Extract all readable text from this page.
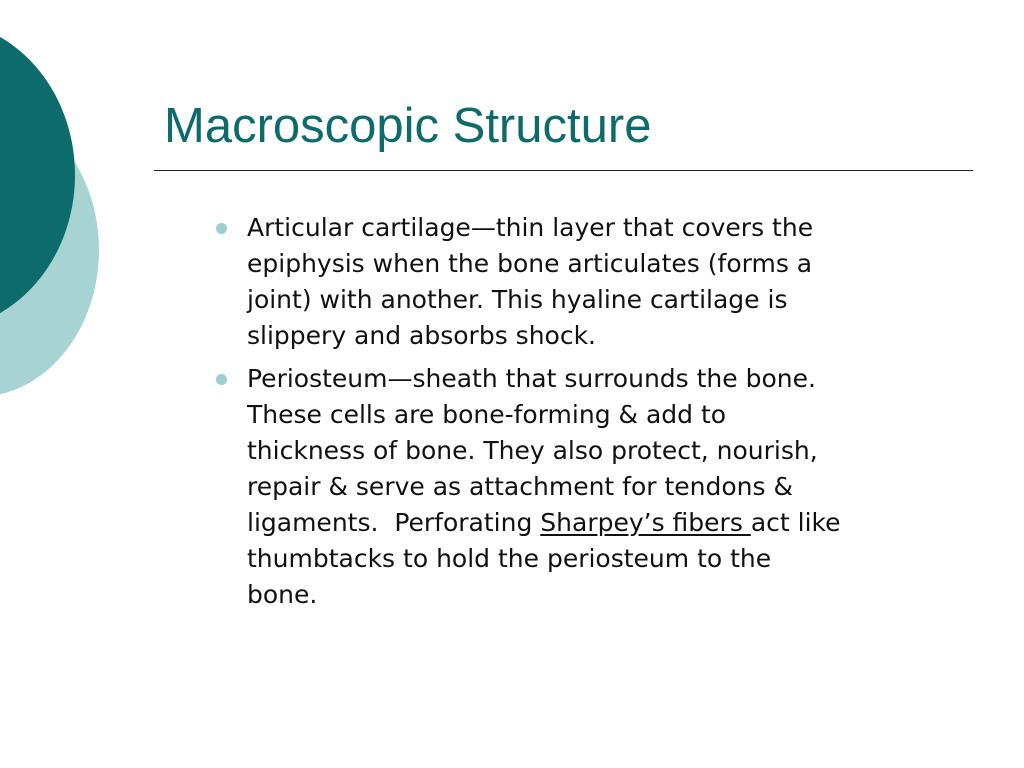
Macroscopic Structure
Articular cartilage—thin layer that covers the
epiphysis when the bone articulates (forms a
joint) with another. This hyaline cartilage is
slippery and absorbs shock.
Periosteum—sheath that surrounds the bone.
These cells are bone-forming & add to
thickness of bone. They also protect, nourish,
repair & serve as attachment for tendons &
ligaments.  Perforating Sharpey’s fibers act like
thumbtacks to hold the periosteum to the
bone.
